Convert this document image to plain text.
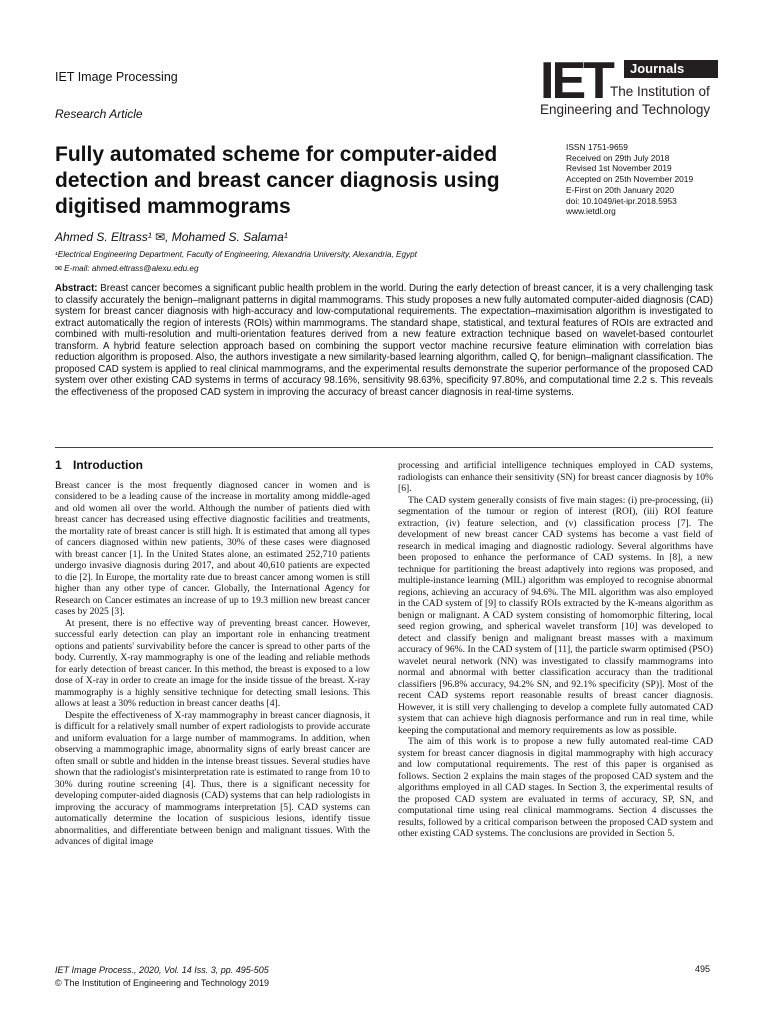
IET Image Processing
Research Article
IET	Journals
The Institution of
Engineering and Technology
Fully automated scheme for computer-aided detection and breast cancer diagnosis using digitised mammograms
ISSN 1751-9659
Received on 29th July 2018
Revised 1st November 2019
Accepted on 25th November 2019
E-First on 20th January 2020
doi: 10.1049/iet-ipr.2018.5953
www.ietdl.org
Ahmed S. Eltrass¹ ✉, Mohamed S. Salama¹
¹Electrical Engineering Department, Faculty of Engineering, Alexandria University, Alexandria, Egypt
✉ E-mail: ahmed.eltrass@alexu.edu.eg
Abstract: Breast cancer becomes a significant public health problem in the world. During the early detection of breast cancer, it is a very challenging task to classify accurately the benign–malignant patterns in digital mammograms. This study proposes a new fully automated computer-aided diagnosis (CAD) system for breast cancer diagnosis with high-accuracy and low-computational requirements. The expectation–maximisation algorithm is investigated to extract automatically the region of interests (ROIs) within mammograms. The standard shape, statistical, and textural features of ROIs are extracted and combined with multi-resolution and multi-orientation features derived from a new feature extraction technique based on wavelet-based contourlet transform. A hybrid feature selection approach based on combining the support vector machine recursive feature elimination with correlation bias reduction algorithm is proposed. Also, the authors investigate a new similarity-based learning algorithm, called Q, for benign–malignant classification. The proposed CAD system is applied to real clinical mammograms, and the experimental results demonstrate the superior performance of the proposed CAD system over other existing CAD systems in terms of accuracy 98.16%, sensitivity 98.63%, specificity 97.80%, and computational time 2.2 s. This reveals the effectiveness of the proposed CAD system in improving the accuracy of breast cancer diagnosis in real-time systems.
1 Introduction

Breast cancer is the most frequently diagnosed cancer in women and is considered to be a leading cause of the increase in mortality among middle-aged and old women all over the world. Although the number of patients died with breast cancer has decreased using effective diagnostic facilities and treatments, the mortality rate of breast cancer is still high. It is estimated that among all types of cancers diagnosed within new patients, 30% of these cases were diagnosed with breast cancer [1]. In the United States alone, an estimated 252,710 patients undergo invasive diagnosis during 2017, and about 40,610 patients are expected to die [2]. In Europe, the mortality rate due to breast cancer among women is still higher than any other type of cancer. Globally, the International Agency for Research on Cancer estimates an increase of up to 19.3 million new breast cancer cases by 2025 [3].

At present, there is no effective way of preventing breast cancer. However, successful early detection can play an important role in enhancing treatment options and patients' survivability before the cancer is spread to other parts of the body. Currently, X-ray mammography is one of the leading and reliable methods for early detection of breast cancer. In this method, the breast is exposed to a low dose of X-ray in order to create an image for the inside tissue of the breast. X-ray mammography is a highly sensitive technique for detecting small lesions. This allows at least a 30% reduction in breast cancer deaths [4].

Despite the effectiveness of X-ray mammography in breast cancer diagnosis, it is difficult for a relatively small number of expert radiologists to provide accurate and uniform evaluation for a large number of mammograms. In addition, when observing a mammographic image, abnormality signs of early breast cancer are often small or subtle and hidden in the intense breast tissues. Several studies have shown that the radiologist's misinterpretation rate is estimated to range from 10 to 30% during routine screening [4]. Thus, there is a significant necessity for developing computer-aided diagnosis (CAD) systems that can help radiologists in improving the accuracy of mammograms interpretation [5]. CAD systems can automatically determine the location of suspicious lesions, identify tissue abnormalities, and differentiate between benign and malignant tissues. With the advances of digital image

processing and artificial intelligence techniques employed in CAD systems, radiologists can enhance their sensitivity (SN) for breast cancer diagnosis by 10% [6].

The CAD system generally consists of five main stages: (i) pre-processing, (ii) segmentation of the tumour or region of interest (ROI), (iii) ROI feature extraction, (iv) feature selection, and (v) classification process [7]. The development of new breast cancer CAD systems has become a vast field of research in medical imaging and diagnostic radiology. Several algorithms have been proposed to enhance the performance of CAD systems. In [8], a new technique for partitioning the breast adaptively into regions was proposed, and multiple-instance learning (MIL) algorithm was employed to recognise abnormal regions, achieving an accuracy of 94.6%. The MIL algorithm was also employed in the CAD system of [9] to classify ROIs extracted by the K-means algorithm as benign or malignant. A CAD system consisting of homomorphic filtering, local seed region growing, and spherical wavelet transform [10] was developed to detect and classify benign and malignant breast masses with a maximum accuracy of 96%. In the CAD system of [11], the particle swarm optimised (PSO) wavelet neural network (NN) was investigated to classify mammograms into normal and abnormal with better classification accuracy than the traditional classifiers [96.8% accuracy, 94.2% SN, and 92.1% specificity (SP)]. Most of the recent CAD systems report reasonable results of breast cancer diagnosis. However, it is still very challenging to develop a complete fully automated CAD system that can achieve high diagnosis performance and run in real time, while keeping the computational and memory requirements as low as possible.

The aim of this work is to propose a new fully automated real-time CAD system for breast cancer diagnosis in digital mammography with high accuracy and low computational requirements. The rest of this paper is organised as follows. Section 2 explains the main stages of the proposed CAD system and the algorithms employed in all CAD stages. In Section 3, the experimental results of the proposed CAD system are evaluated in terms of accuracy, SP, SN, and computational time using real clinical mammograms. Section 4 discusses the results, followed by a critical comparison between the proposed CAD system and other existing CAD systems. The conclusions are provided in Section 5.

IET Image Process., 2020, Vol. 14 Iss. 3, pp. 495-505
© The Institution of Engineering and Technology 2019
495
